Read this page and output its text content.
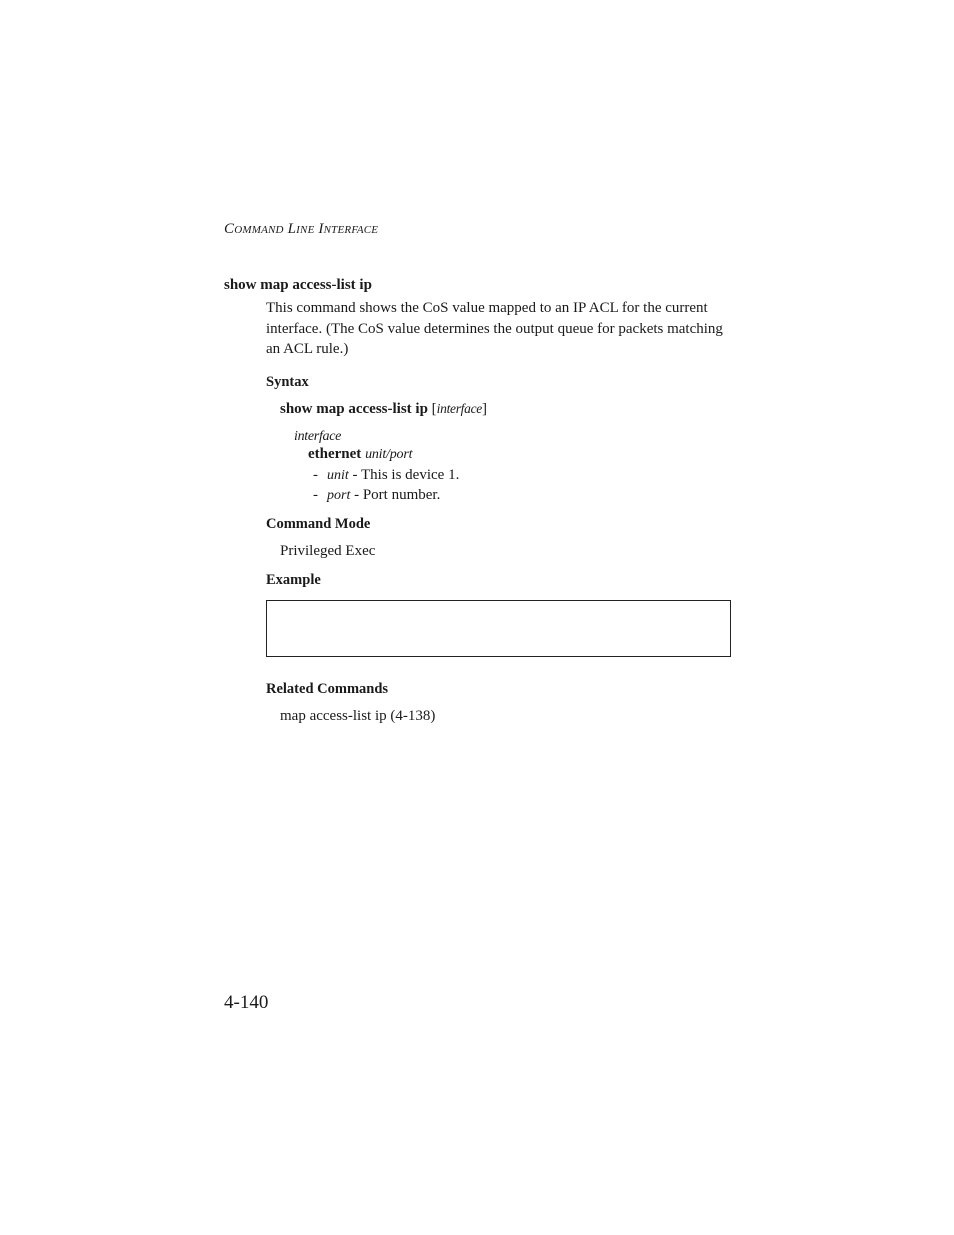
Command Line Interface
show map access-list ip
This command shows the CoS value mapped to an IP ACL for the current interface. (The CoS value determines the output queue for packets matching an ACL rule.)
Syntax
show map access-list ip [interface]
interface
ethernet unit/port
- unit - This is device 1.
- port - Port number.
Command Mode
Privileged Exec
Example
Related Commands
map access-list ip (4-138)
4-140
